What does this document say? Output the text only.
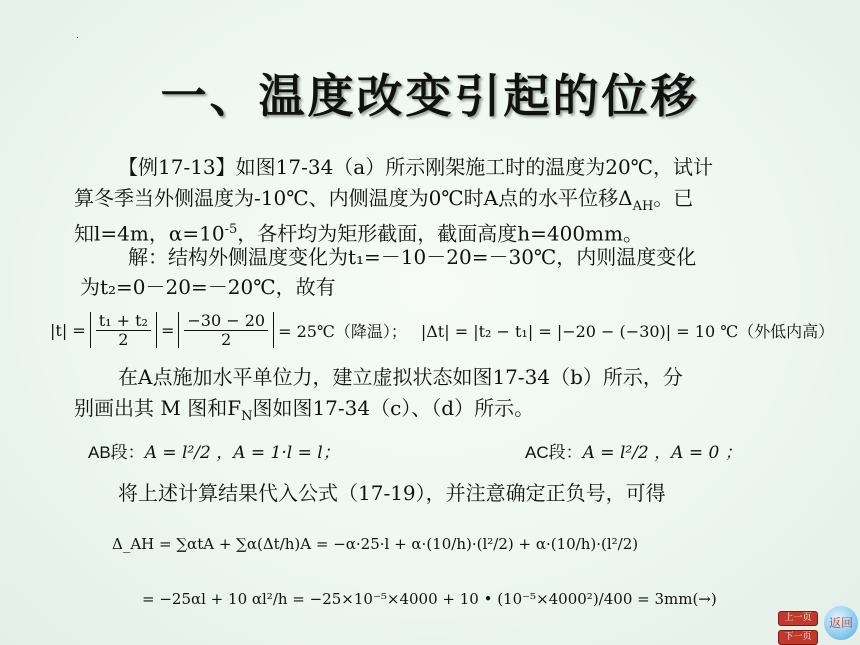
.
一、温度改变引起的位移
【例17-13】如图17-34（a）所示刚架施工时的温度为20℃，试计
算冬季当外侧温度为-10℃、内侧温度为0℃时A点的水平位移$\Delta_{AH}$。已
知l=4m，$\alpha=10^{-5}$，各杆均为矩形截面，截面高度h=400mm。
解：结构外侧温度变化为t₁=－10－20=－30℃，内则温度变化
为t₂=0－20=－20℃，故有
$|t| = \frac{\text{t₁ + t₂}}{2} = \frac{-30 - 20}{2}$ = 25℃（降温）； |Δt| = |t₂ − t₁| = |−20 − (−30)| = 10 ℃（外低内高）
在A点施加水平单位力，建立虚拟状态如图17-34（b）所示，分
别画出其 M 图和$F_N$图如图17-34（c）、（d）所示。
AB段：A = l²/2 ，A = 1·l = l；	AC段：A = l²/2 ，A = 0 ；
将上述计算结果代入公式（17-19），并注意确定正负号，可得
Δ_AH = ∑αtA + ∑α(Δt/h)A = −α·25·l + α·(10/h)·(l²/2) + α·(10/h)·(l²/2)
= −25αl + 10 αl²/h = −25×10⁻⁵×4000 + 10 • (10⁻⁵×4000²)/400 = 3mm(→)
上一页
下一页
返回
